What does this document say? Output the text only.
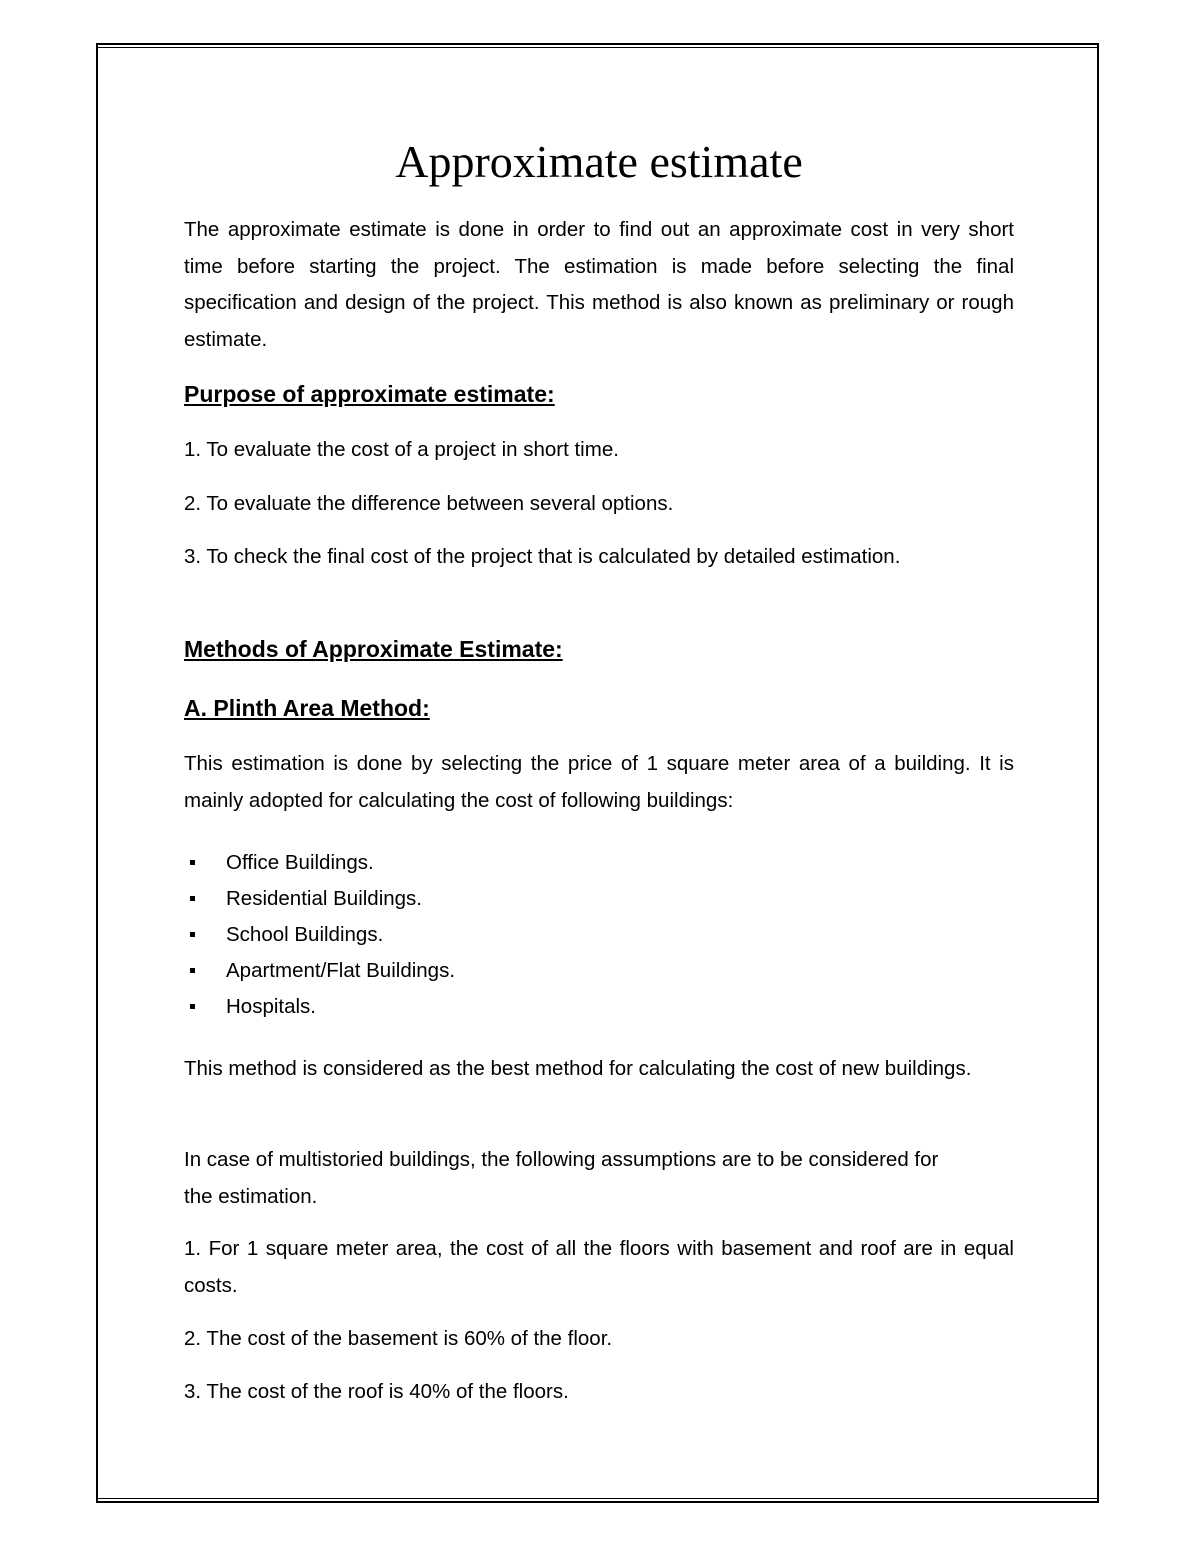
Approximate estimate

The approximate estimate is done in order to find out an approximate cost in very short time before starting the project. The estimation is made before selecting the final specification and design of the project. This method is also known as preliminary or rough estimate.

Purpose of approximate estimate:

1. To evaluate the cost of a project in short time.

2. To evaluate the difference between several options.

3. To check the final cost of the project that is calculated by detailed estimation.

Methods of Approximate Estimate:
A. Plinth Area Method:

This estimation is done by selecting the price of 1 square meter area of a building. It is mainly adopted for calculating the cost of following buildings:

Office Buildings.
Residential Buildings.
School Buildings.
Apartment/Flat Buildings.
Hospitals.

This method is considered as the best method for calculating the cost of new buildings.

In case of multistoried buildings, the following assumptions are to be considered for the estimation.

1. For 1 square meter area, the cost of all the floors with basement and roof are in equal costs.

2. The cost of the basement is 60% of the floor.

3. The cost of the roof is 40% of the floors.
